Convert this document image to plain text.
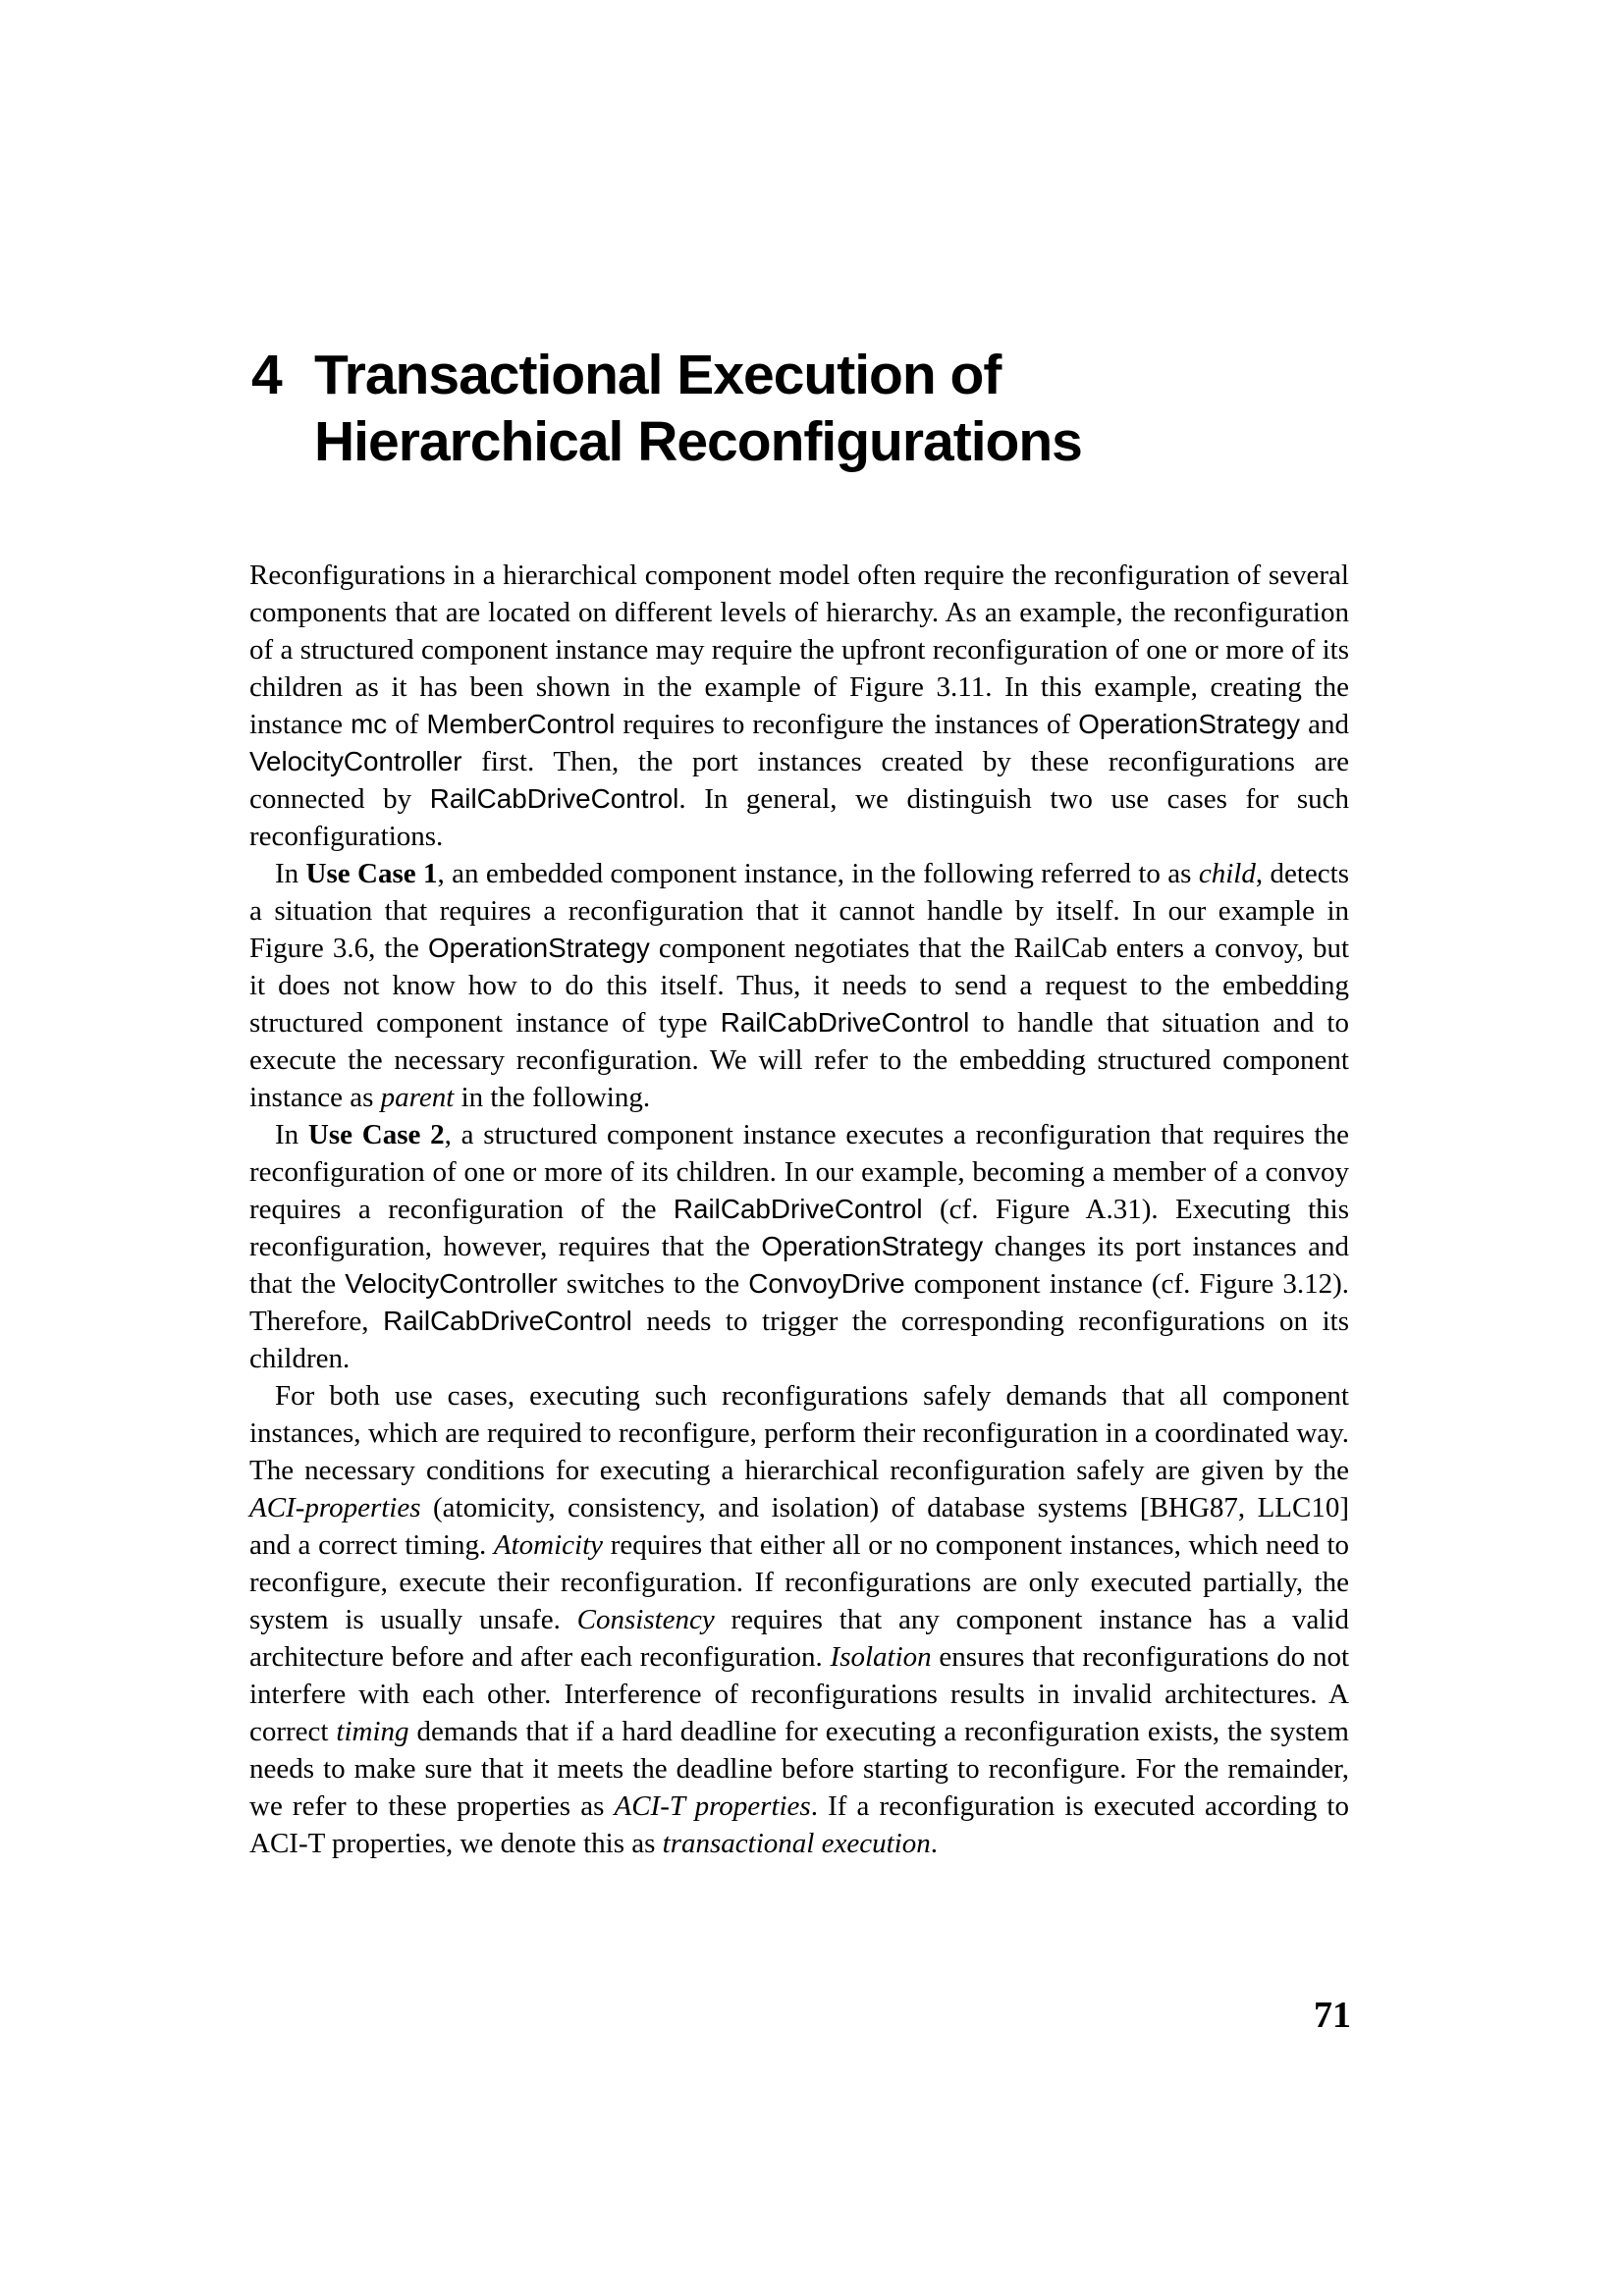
4 Transactional Execution of
Hierarchical Reconfigurations

Reconfigurations in a hierarchical component model often require the reconfiguration of several components that are located on different levels of hierarchy. As an example, the reconfiguration of a structured component instance may require the upfront reconfiguration of one or more of its children as it has been shown in the example of Figure 3.11. In this example, creating the instance mc of MemberControl requires to reconfigure the instances of OperationStrategy and VelocityController first. Then, the port instances created by these reconfigurations are connected by RailCabDriveControl. In general, we distinguish two use cases for such reconfigurations.

In Use Case 1, an embedded component instance, in the following referred to as child, detects a situation that requires a reconfiguration that it cannot handle by itself. In our example in Figure 3.6, the OperationStrategy component negotiates that the RailCab enters a convoy, but it does not know how to do this itself. Thus, it needs to send a request to the embedding structured component instance of type RailCabDriveControl to handle that situation and to execute the necessary reconfiguration. We will refer to the embedding structured component instance as parent in the following.

In Use Case 2, a structured component instance executes a reconfiguration that requires the reconfiguration of one or more of its children. In our example, becoming a member of a convoy requires a reconfiguration of the RailCabDriveControl (cf. Figure A.31). Executing this reconfiguration, however, requires that the OperationStrategy changes its port instances and that the VelocityController switches to the ConvoyDrive component instance (cf. Figure 3.12). Therefore, RailCabDriveControl needs to trigger the corresponding reconfigurations on its children.

For both use cases, executing such reconfigurations safely demands that all component instances, which are required to reconfigure, perform their reconfiguration in a coordinated way. The necessary conditions for executing a hierarchical reconfiguration safely are given by the ACI-properties (atomicity, consistency, and isolation) of database systems [BHG87, LLC10] and a correct timing. Atomicity requires that either all or no component instances, which need to reconfigure, execute their reconfiguration. If reconfigurations are only executed partially, the system is usually unsafe. Consistency requires that any component instance has a valid architecture before and after each reconfiguration. Isolation ensures that reconfigurations do not interfere with each other. Interference of reconfigurations results in invalid architectures. A correct timing demands that if a hard deadline for executing a reconfiguration exists, the system needs to make sure that it meets the deadline before starting to reconfigure. For the remainder, we refer to these properties as ACI-T properties. If a reconfiguration is executed according to ACI-T properties, we denote this as transactional execution.

71
